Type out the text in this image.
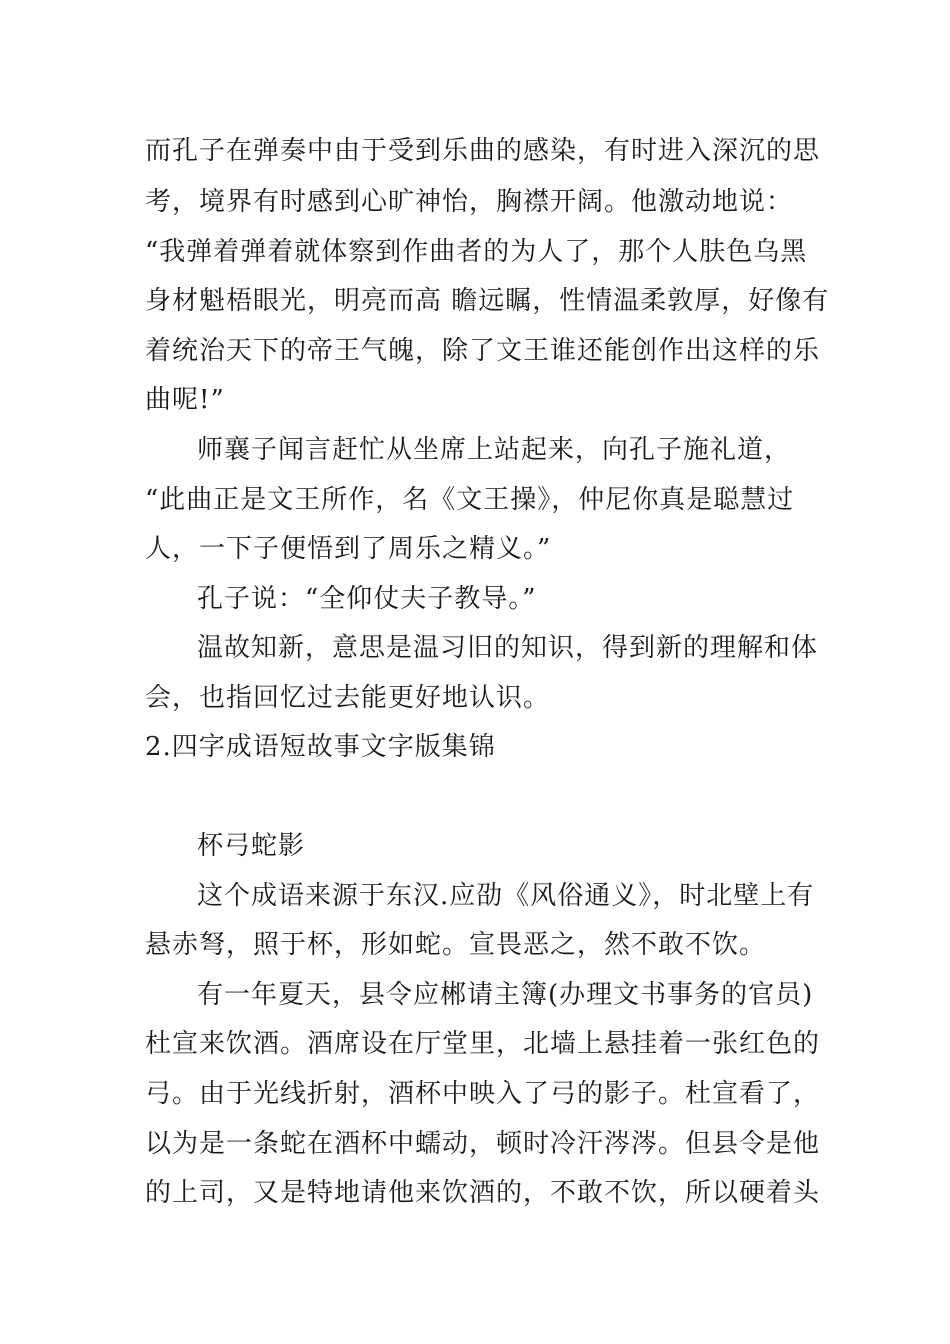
而孔子在弹奏中由于受到乐曲的感染，有时进入深沉的思
考，境界有时感到心旷神怡，胸襟开阔。他激动地说：
“我弹着弹着就体察到作曲者的为人了，那个人肤色乌黑
身材魁梧眼光，明亮而高 瞻远瞩，性情温柔敦厚，好像有
着统治天下的帝王气魄，除了文王谁还能创作出这样的乐
曲呢!”
师襄子闻言赶忙从坐席上站起来，向孔子施礼道，
“此曲正是文王所作，名《文王操》，仲尼你真是聪慧过
人，一下子便悟到了周乐之精义。”
孔子说：“全仰仗夫子教导。”
温故知新，意思是温习旧的知识，得到新的理解和体
会，也指回忆过去能更好地认识。
2.四字成语短故事文字版集锦
杯弓蛇影
这个成语来源于东汉.应劭《风俗通义》，时北壁上有
悬赤弩，照于杯，形如蛇。宣畏恶之，然不敢不饮。
有一年夏天，县令应郴请主簿(办理文书事务的官员)
杜宣来饮酒。酒席设在厅堂里，北墙上悬挂着一张红色的
弓。由于光线折射，酒杯中映入了弓的影子。杜宣看了，
以为是一条蛇在酒杯中蠕动，顿时冷汗涔涔。但县令是他
的上司，又是特地请他来饮酒的，不敢不饮，所以硬着头
